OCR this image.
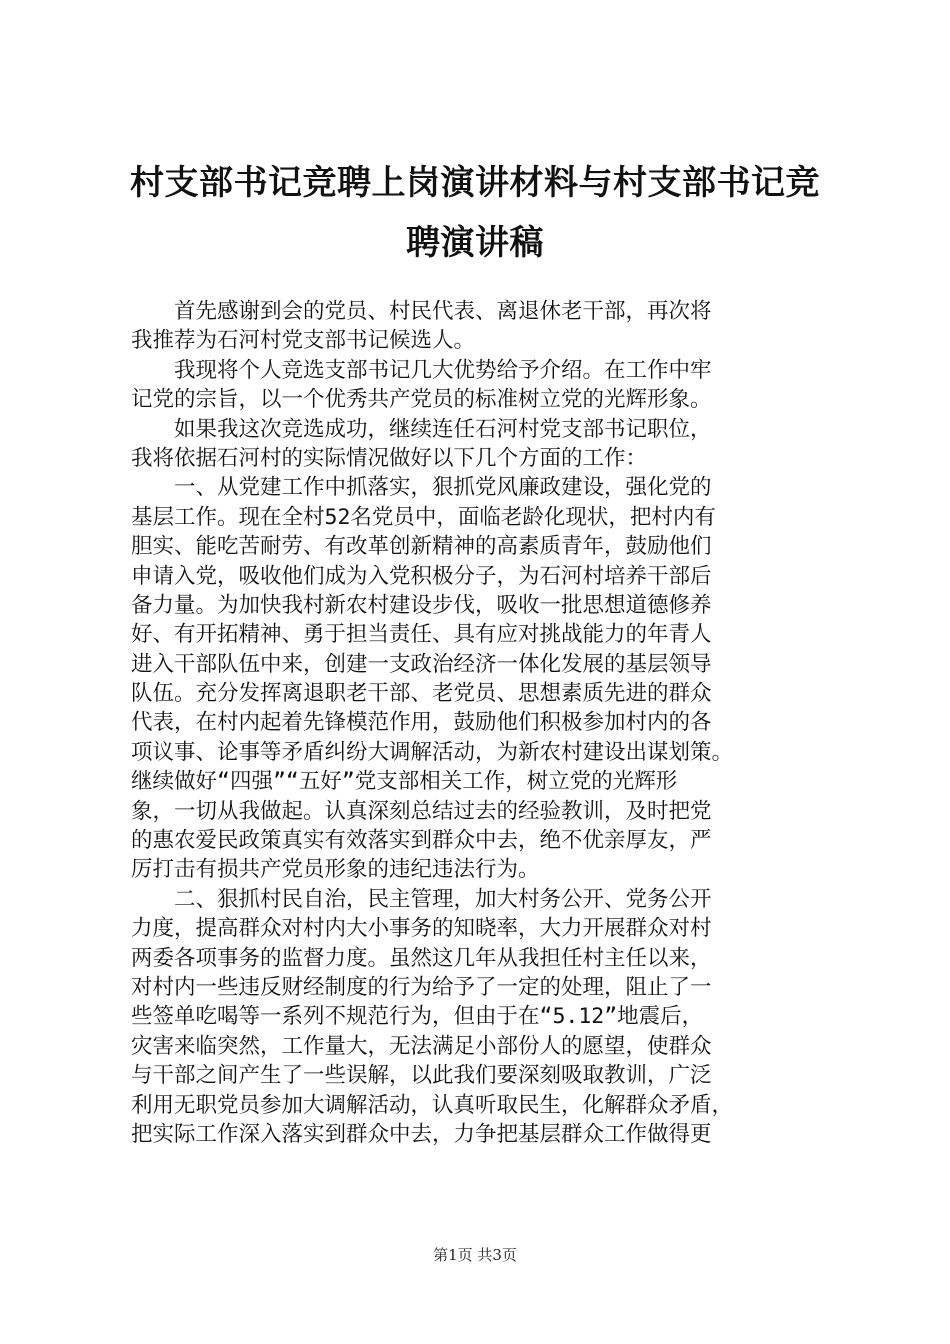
村支部书记竞聘上岗演讲材料与村支部书记竞
聘演讲稿
　　首先感谢到会的党员、村民代表、离退休老干部，再次将
我推荐为石河村党支部书记候选人。
　　我现将个人竞选支部书记几大优势给予介绍。在工作中牢
记党的宗旨，以一个优秀共产党员的标准树立党的光辉形象。
　　如果我这次竞选成功，继续连任石河村党支部书记职位，
我将依据石河村的实际情况做好以下几个方面的工作：
　　一、从党建工作中抓落实，狠抓党风廉政建设，强化党的
基层工作。现在全村52名党员中，面临老龄化现状，把村内有
胆实、能吃苦耐劳、有改革创新精神的高素质青年，鼓励他们
申请入党，吸收他们成为入党积极分子，为石河村培养干部后
备力量。为加快我村新农村建设步伐，吸收一批思想道德修养
好、有开拓精神、勇于担当责任、具有应对挑战能力的年青人
进入干部队伍中来，创建一支政治经济一体化发展的基层领导
队伍。充分发挥离退职老干部、老党员、思想素质先进的群众
代表，在村内起着先锋模范作用，鼓励他们积极参加村内的各
项议事、论事等矛盾纠纷大调解活动，为新农村建设出谋划策。
继续做好“四强”“五好”党支部相关工作，树立党的光辉形
象，一切从我做起。认真深刻总结过去的经验教训，及时把党
的惠农爱民政策真实有效落实到群众中去，绝不优亲厚友，严
厉打击有损共产党员形象的违纪违法行为。
　　二、狠抓村民自治，民主管理，加大村务公开、党务公开
力度，提高群众对村内大小事务的知晓率，大力开展群众对村
两委各项事务的监督力度。虽然这几年从我担任村主任以来，
对村内一些违反财经制度的行为给予了一定的处理，阻止了一
些签单吃喝等一系列不规范行为，但由于在“5.12”地震后，
灾害来临突然，工作量大，无法满足小部份人的愿望，使群众
与干部之间产生了一些误解，以此我们要深刻吸取教训，广泛
利用无职党员参加大调解活动，认真听取民生，化解群众矛盾，
把实际工作深入落实到群众中去，力争把基层群众工作做得更
第1页 共3页
